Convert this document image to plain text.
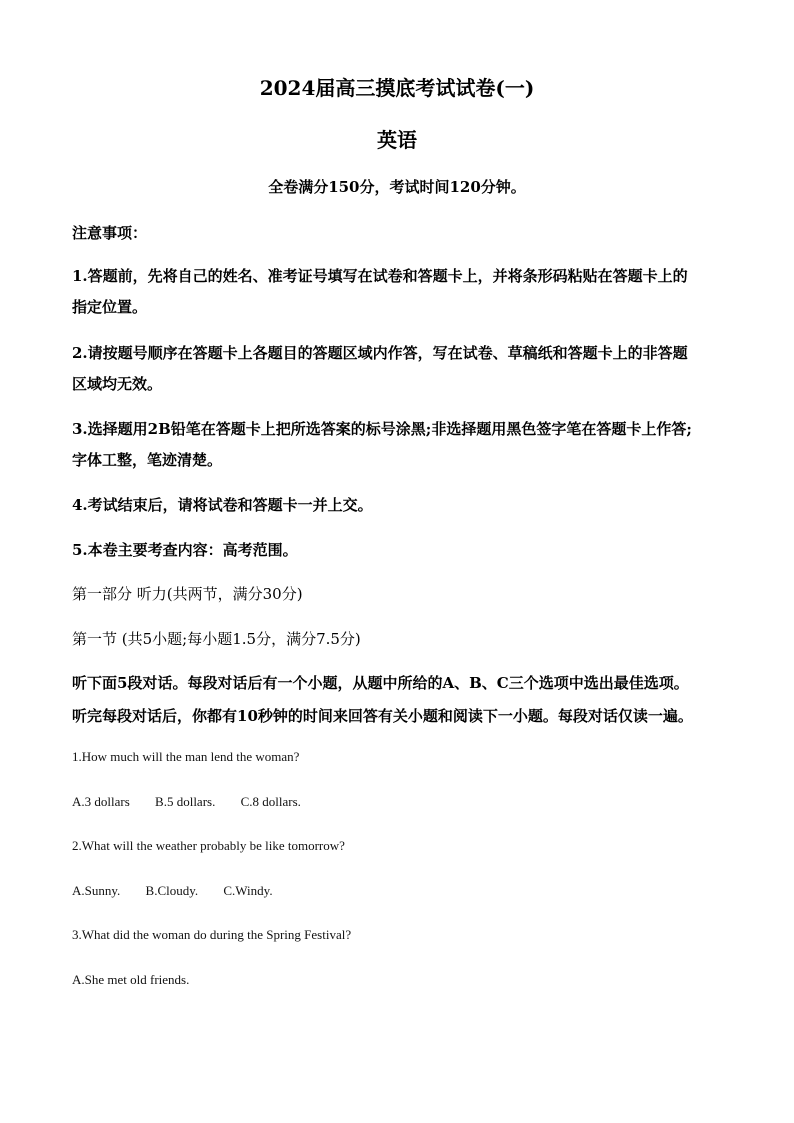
2024届高三摸底考试试卷(一)
英语
全卷满分150分，考试时间120分钟。
注意事项：
1.答题前，先将自己的姓名、准考证号填写在试卷和答题卡上，并将条形码粘贴在答题卡上的
指定位置。
2.请按题号顺序在答题卡上各题目的答题区域内作答，写在试卷、草稿纸和答题卡上的非答题
区域均无效。
3.选择题用2B铅笔在答题卡上把所选答案的标号涂黑;非选择题用黑色签字笔在答题卡上作答;
字体工整，笔迹清楚。
4.考试结束后，请将试卷和答题卡一并上交。
5.本卷主要考查内容：高考范围。
第一部分 听力(共两节，满分30分)
第一节 (共5小题;每小题1.5分，满分7.5分)
听下面5段对话。每段对话后有一个小题，从题中所给的A、B、C三个选项中选出最佳选项。
听完每段对话后，你都有10秒钟的时间来回答有关小题和阅读下一小题。每段对话仅读一遍。
1.How much will the man lend the woman?
A.3 dollars B.5 dollars. C.8 dollars.
2.What will the weather probably be like tomorrow?
A.Sunny. B.Cloudy. C.Windy.
3.What did the woman do during the Spring Festival?
A.She met old friends.
